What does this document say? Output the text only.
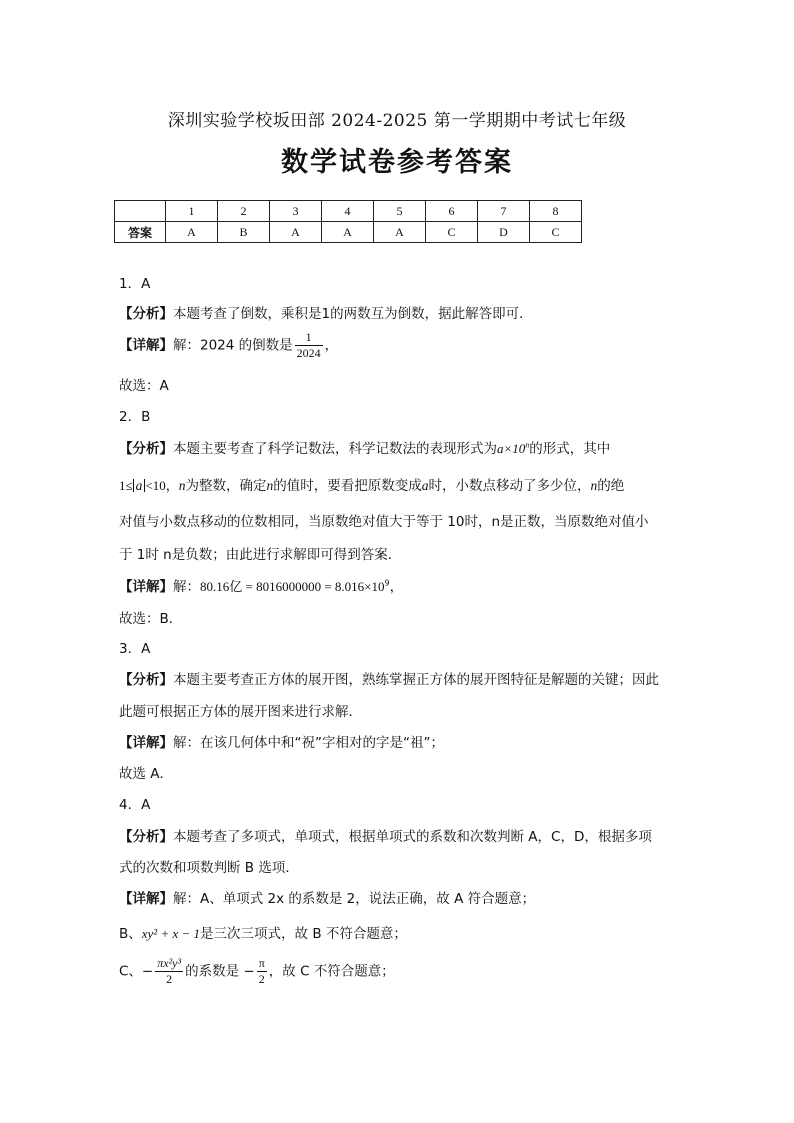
深圳实验学校坂田部 2024-2025 第一学期期中考试七年级
数学试卷参考答案
	1	2	3	4	5	6	7	8
答案	A	B	A	A	A	C	D	C
1．A
【分析】本题考查了倒数，乘积是1的两数互为倒数，据此解答即可．
【详解】解：2024 的倒数是 $\frac{1}{2024}$ ，
故选：A
2．B
【分析】本题主要考查了科学记数法，科学记数法的表现形式为$a\times 10^n$的形式，其中
1≤ a <10，n为整数，确定n的值时，要看把原数变成a时，小数点移动了多少位，n的绝
对值与小数点移动的位数相同，当原数绝对值大于等于 10时，n是正数，当原数绝对值小
于 1时 n是负数；由此进行求解即可得到答案．
【详解】解：80.16亿 = $8016000000 = 8.016\times 10^9$，
故选：B．
3．A
【分析】本题主要考查正方体的展开图，熟练掌握正方体的展开图特征是解题的关键；因此
此题可根据正方体的展开图来进行求解．
【详解】解：在该几何体中和“祝”字相对的字是“祖”；
故选 A．
4．A
【分析】本题考查了多项式，单项式，根据单项式的系数和次数判断 A，C，D，根据多项
式的次数和项数判断 B 选项．
【详解】解：A、单项式 2x 的系数是 2，说法正确，故 A 符合题意；
B、xy² + x − 1是三次三项式，故 B 不符合题意；
C、− $\frac{\text{πx²y³}}{2}$ 的系数是 − $\frac{\pi}{2}$ ，故 C 不符合题意；
